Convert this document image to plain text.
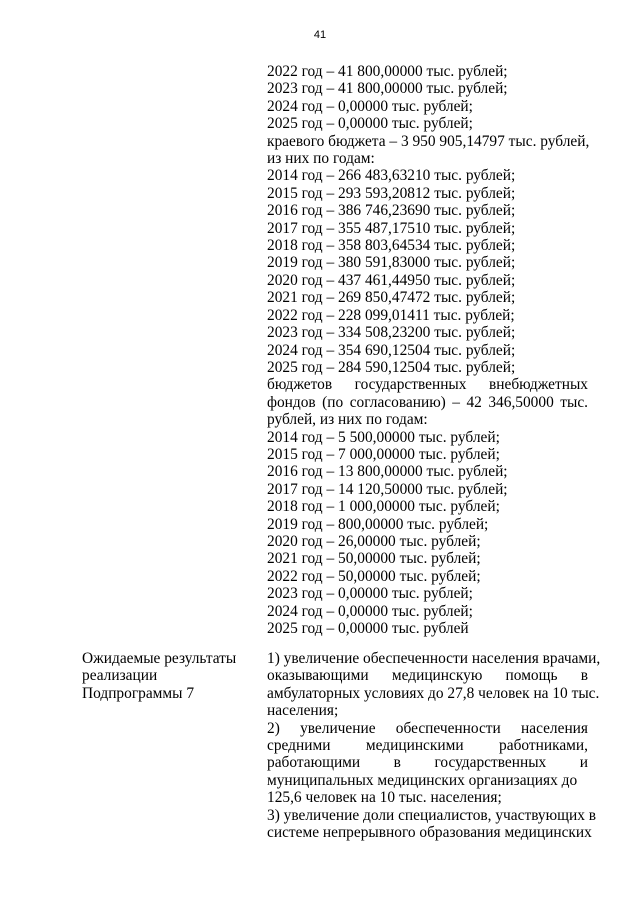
41
2022 год – 41 800,00000 тыс. рублей;
2023 год – 41 800,00000 тыс. рублей;
2024 год – 0,00000 тыс. рублей;
2025 год – 0,00000 тыс. рублей;
краевого бюджета – 3 950 905,14797 тыс. рублей,
из них по годам:
2014 год – 266 483,63210 тыс. рублей;
2015 год – 293 593,20812 тыс. рублей;
2016 год – 386 746,23690 тыс. рублей;
2017 год – 355 487,17510 тыс. рублей;
2018 год – 358 803,64534 тыс. рублей;
2019 год – 380 591,83000 тыс. рублей;
2020 год – 437 461,44950 тыс. рублей;
2021 год – 269 850,47472 тыс. рублей;
2022 год – 228 099,01411 тыс. рублей;
2023 год – 334 508,23200 тыс. рублей;
2024 год – 354 690,12504 тыс. рублей;
2025 год – 284 590,12504 тыс. рублей;
бюджетов государственных внебюджетных
фондов (по согласованию) – 42 346,50000 тыс.
рублей, из них по годам:
2014 год – 5 500,00000 тыс. рублей;
2015 год – 7 000,00000 тыс. рублей;
2016 год – 13 800,00000 тыс. рублей;
2017 год – 14 120,50000 тыс. рублей;
2018 год – 1 000,00000 тыс. рублей;
2019 год – 800,00000 тыс. рублей;
2020 год – 26,00000 тыс. рублей;
2021 год – 50,00000 тыс. рублей;
2022 год – 50,00000 тыс. рублей;
2023 год – 0,00000 тыс. рублей;
2024 год – 0,00000 тыс. рублей;
2025 год – 0,00000 тыс. рублей
Ожидаемые результаты
реализации
Подпрограммы 7
1) увеличение обеспеченности населения врачами,
оказывающими медицинскую помощь в
амбулаторных условиях до 27,8 человек на 10 тыс.
населения;
2) увеличение обеспеченности населения
средними медицинскими работниками,
работающими в государственных и
муниципальных медицинских организациях до
125,6 человек на 10 тыс. населения;
3) увеличение доли специалистов, участвующих в
системе непрерывного образования медицинских
